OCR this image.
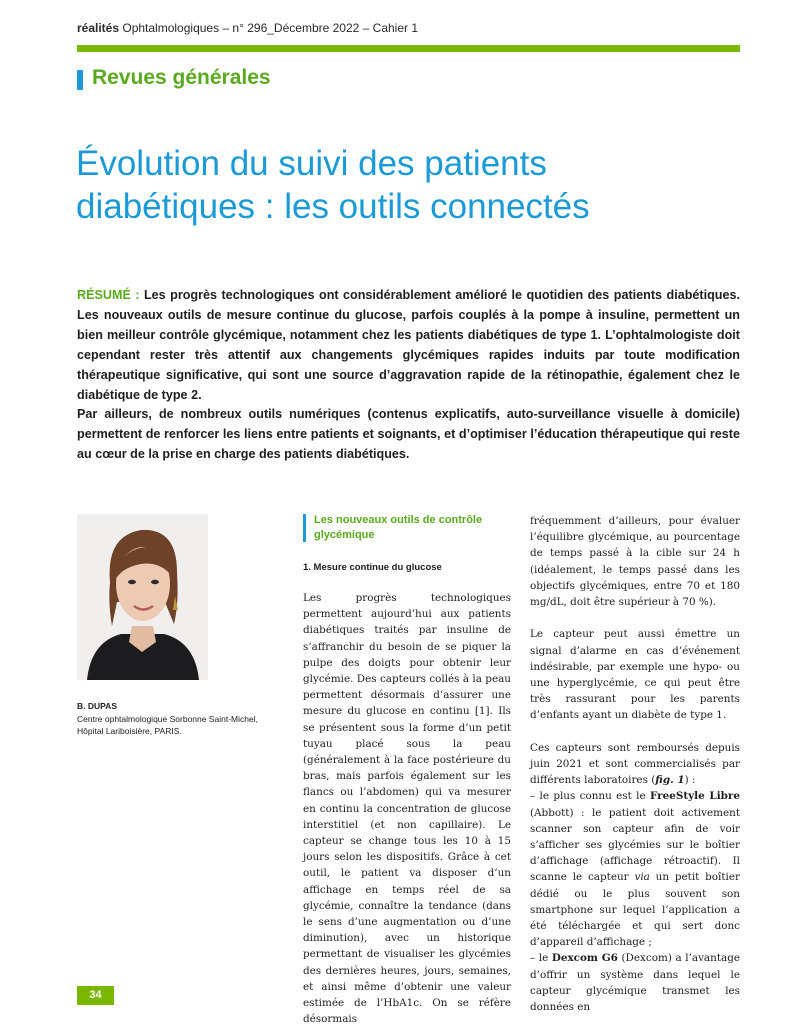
réalités Ophtalmologiques – n° 296_Décembre 2022 – Cahier 1
Revues générales
Évolution du suivi des patients
diabétiques : les outils connectés

RÉSUMÉ : Les progrès technologiques ont considérablement amélioré le quotidien des patients diabétiques. Les nouveaux outils de mesure continue du glucose, parfois couplés à la pompe à insuline, permettent un bien meilleur contrôle glycémique, notamment chez les patients diabétiques de type 1. L’ophtalmologiste doit cependant rester très attentif aux changements glycémiques rapides induits par toute modification thérapeutique significative, qui sont une source d’aggravation rapide de la rétinopathie, également chez le diabétique de type 2.

Par ailleurs, de nombreux outils numériques (contenus explicatifs, auto-surveillance visuelle à domicile) permettent de renforcer les liens entre patients et soignants, et d’optimiser l’éducation thérapeutique qui reste au cœur de la prise en charge des patients diabétiques.

B. DUPAS
Centre ophtalmologique Sorbonne Saint-Michel,
Hôpital Lariboisière, PARIS.
Les nouveaux outils de contrôle glycémique
1. Mesure continue du glucose

Les progrès technologiques permettent aujourd’hui aux patients diabétiques traités par insuline de s’affranchir du besoin de se piquer la pulpe des doigts pour obtenir leur glycémie. Des capteurs collés à la peau permettent désormais d’assurer une mesure du glucose en continu [1]. Ils se présentent sous la forme d’un petit tuyau placé sous la peau (généralement à la face postérieure du bras, mais parfois également sur les flancs ou l’abdomen) qui va mesurer en continu la concentration de glucose interstitiel (et non capillaire). Le capteur se change tous les 10 à 15 jours selon les dispositifs. Grâce à cet outil, le patient va disposer d’un affichage en temps réel de sa glycémie, connaître la tendance (dans le sens d’une augmentation ou d’une diminution), avec un historique permettant de visualiser les glycémies des dernières heures, jours, semaines, et ainsi même d’obtenir une valeur estimée de l’HbA1c. On se réfère désormais

fréquemment d’ailleurs, pour évaluer l’équilibre glycémique, au pourcentage de temps passé à la cible sur 24 h (idéalement, le temps passé dans les objectifs glycémiques, entre 70 et 180 mg/dL, doit être supérieur à 70 %).

Le capteur peut aussi émettre un signal d’alarme en cas d’événement indésirable, par exemple une hypo- ou une hyperglycémie, ce qui peut être très rassurant pour les parents d’enfants ayant un diabète de type 1.

Ces capteurs sont remboursés depuis juin 2021 et sont commercialisés par différents laboratoires (fig. 1) :

– le plus connu est le FreeStyle Libre (Abbott) : le patient doit activement scanner son capteur afin de voir s’afficher ses glycémies sur le boîtier d’affichage (affichage rétroactif). Il scanne le capteur via un petit boîtier dédié ou le plus souvent son smartphone sur lequel l’application a été téléchargée et qui sert donc d’appareil d’affichage ;

– le Dexcom G6 (Dexcom) a l’avantage d’offrir un système dans lequel le capteur glycémique transmet les données en

34
